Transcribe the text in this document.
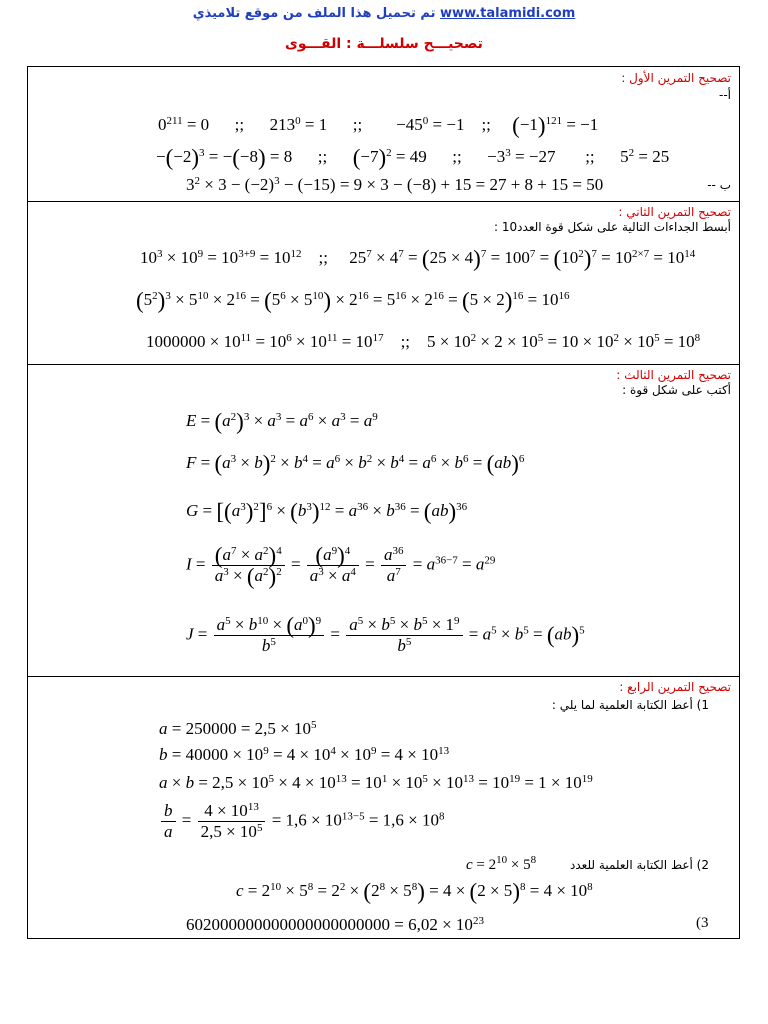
www.talamidi.com تم تحميل هذا الملف من موقع تلاميذي
تصحيـــح سلسلـــة : القـــوى
تصحيح التمرين الأول :
أ--
$0^{211} = 0$      ;;      $213^0 = 1$      ;;        $-45^0 = -1$    ;;     $(-1)^{121} = -1$
$-(-2)^3 = -(-8) = 8$      ;;      $(-7)^2 = 49$      ;;      $-3^3 = -27$       ;;      $5^2 = 25$
ب --
$3^2 \times 3 - (-2)^3 - (-15) = 9 \times 3 - (-8) + 15 = 27 + 8 + 15 = 50$
تصحيح التمرين الثاني :
أبسط الجداءات التالية على شكل قوة العدد10 :
$10^3 \times 10^9 = 10^{3+9} = 10^{12}$    ;;     $25^7 \times 4^7 = (25 \times 4)^7 = 100^7 = (10^2)^7 = 10^{2\times 7} = 10^{14}$
$(5^2)^3 \times 5^{10} \times 2^{16} = (5^6 \times 5^{10}) \times 2^{16} = 5^{16} \times 2^{16} = (5 \times 2)^{16} = 10^{16}$
$1000000 \times 10^{11} = 10^6 \times 10^{11} = 10^{17}$    ;;    $5 \times 10^2 \times 2 \times 10^5 = 10 \times 10^2 \times 10^5 = 10^8$
تصحيح التمرين الثالث :
أكتب على شكل قوة :
$E = (a^2)^3 \times a^3 = a^6 \times a^3 = a^9$
$F = (a^3 \times b)^2 \times b^4 = a^6 \times b^2 \times b^4 = a^6 \times b^6 = (ab)^6$
$G = [(a^3)^2]^6 \times (b^3)^{12} = a^{36} \times b^{36} = (ab)^{36}$
$I = \frac{(a^7 \times a^2)^4}{a^3 \times (a^2)^2} = \frac{(a^9)^4}{a^3 \times a^4} = \frac{a^{36}}{a^7} = a^{36-7} = a^{29}$
$J = \frac{a^5 \times b^{10} \times (a^0)^9}{b^5} = \frac{a^5 \times b^5 \times b^5 \times 1^9}{b^5} = a^5 \times b^5 = (ab)^5$
تصحيح التمرين الرابع :
1) أعط الكتابة العلمية لما يلي :
$a = 250000 = 2,5 \times 10^5$
$b = 40000 \times 10^9 = 4 \times 10^4 \times 10^9 = 4 \times 10^{13}$
$a \times b = 2,5 \times 10^5 \times 4 \times 10^{13} = 10^1 \times 10^5 \times 10^{13} = 10^{19} = 1 \times 10^{19}$
$\frac{b}{a} = \frac{4 \times 10^{13}}{2,5 \times 10^5} = 1,6 \times 10^{13-5} = 1,6 \times 10^8$
2) أعط الكتابة العلمية للعدد
$c = 2^{10} \times 5^8$
$c = 2^{10} \times 5^8 = 2^2 \times (2^8 \times 5^8) = 4 \times (2 \times 5)^8 = 4 \times 10^8$
$602000000000000000000000 = 6,02 \times 10^{23}$	(3
